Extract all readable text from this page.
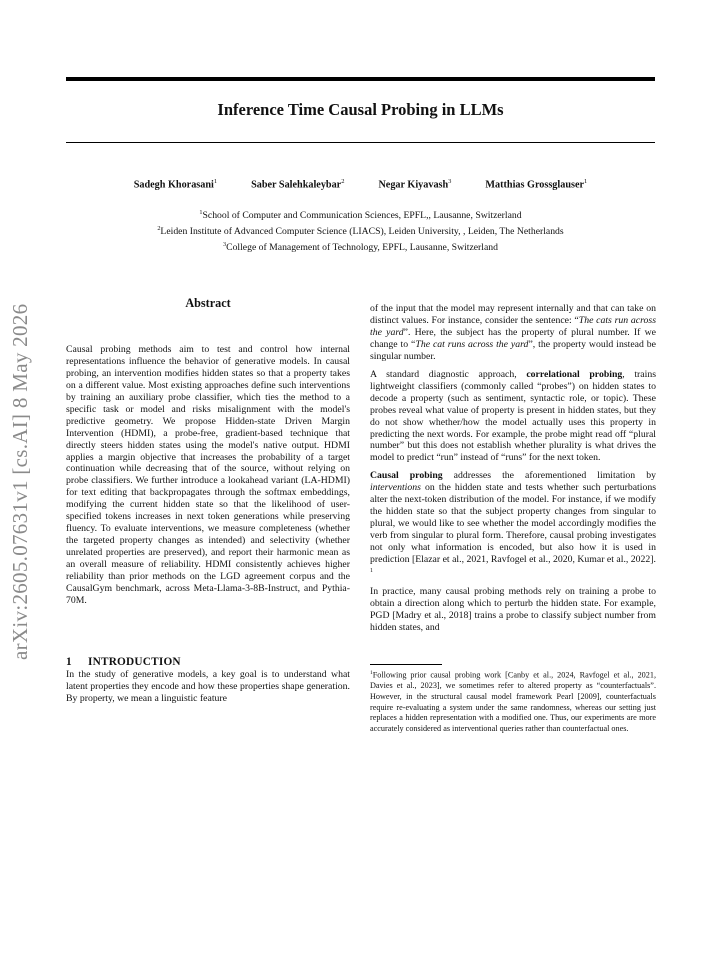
arXiv:2605.07631v1 [cs.AI] 8 May 2026
Inference Time Causal Probing in LLMs
Sadegh Khorasani$^1$	Saber Salehkaleybar$^2$	Negar Kiyavash$^3$	Matthias Grossglauser$^1$
$^1$School of Computer and Communication Sciences, EPFL,, Lausanne, Switzerland
$^2$Leiden Institute of Advanced Computer Science (LIACS), Leiden University, , Leiden, The Netherlands
$^3$College of Management of Technology, EPFL, Lausanne, Switzerland
Abstract

Causal probing methods aim to test and control how internal representations influence the behavior of generative models. In causal probing, an intervention modifies hidden states so that a property takes on a different value. Most existing approaches define such interventions by training an auxiliary probe classifier, which ties the method to a specific task or model and risks misalignment with the model's predictive geometry. We propose Hidden-state Driven Margin Intervention (HDMI), a probe-free, gradient-based technique that directly steers hidden states using the model's native output. HDMI applies a margin objective that increases the probability of a target continuation while decreasing that of the source, without relying on probe classifiers. We further introduce a lookahead variant (LA-HDMI) for text editing that backpropagates through the softmax embeddings, modifying the current hidden state so that the likelihood of user-specified tokens increases in next token generations while preserving fluency. To evaluate interventions, we measure completeness (whether the targeted property changes as intended) and selectivity (whether unrelated properties are preserved), and report their harmonic mean as an overall measure of reliability. HDMI consistently achieves higher reliability than prior methods on the LGD agreement corpus and the CausalGym benchmark, across Meta-Llama-3-8B-Instruct, and Pythia-70M.

1 INTRODUCTION

In the study of generative models, a key goal is to understand what latent properties they encode and how these properties shape generation. By property, we mean a linguistic feature

of the input that the model may represent internally and that can take on distinct values. For instance, consider the sentence: “The cats run across the yard”. Here, the subject has the property of plural number. If we change to “The cat runs across the yard”, the property would instead be singular number.

A standard diagnostic approach, correlational probing, trains lightweight classifiers (commonly called “probes”) on hidden states to decode a property (such as sentiment, syntactic role, or topic). These probes reveal what value of property is present in hidden states, but they do not show whether/how the model actually uses this property in predicting the next words. For example, the probe might read off “plural number” but this does not establish whether plurality is what drives the model to predict “run” instead of “runs” for the next token.

Causal probing addresses the aforementioned limitation by interventions on the hidden state and tests whether such perturbations alter the next-token distribution of the model. For instance, if we modify the hidden state so that the subject property changes from singular to plural, we would like to see whether the model accordingly modifies the verb from singular to plural form. Therefore, causal probing investigates not only what information is encoded, but also how it is used in prediction [Elazar et al., 2021, Ravfogel et al., 2020, Kumar et al., 2022]. $^1$

In practice, many causal probing methods rely on training a probe to obtain a direction along which to perturb the hidden state. For example, PGD [Madry et al., 2018] trains a probe to classify subject number from hidden states, and

$^1$Following prior causal probing work [Canby et al., 2024, Ravfogel et al., 2021, Davies et al., 2023], we sometimes refer to altered property as “counterfactuals”. However, in the structural causal model framework Pearl [2009], counterfactuals require re-evaluating a system under the same randomness, whereas our setting just replaces a hidden representation with a modified one. Thus, our experiments are more accurately considered as interventional queries rather than counterfactual ones.
